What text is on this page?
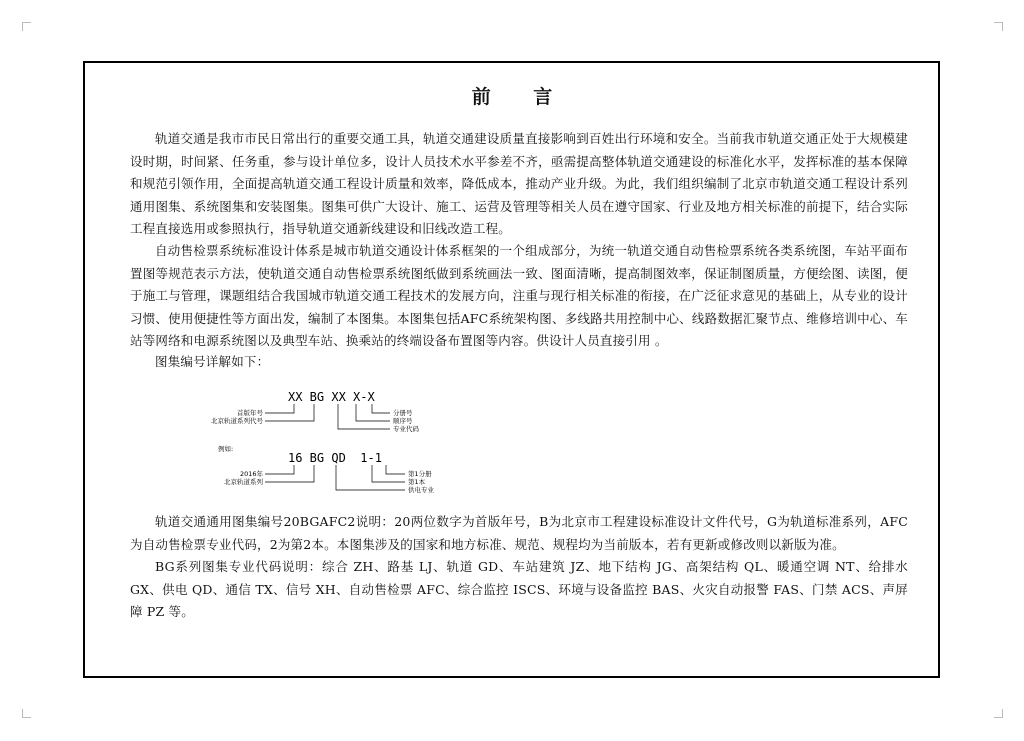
前 言

轨道交通是我市市民日常出行的重要交通工具，轨道交通建设质量直接影响到百姓出行环境和安全。当前我市轨道交通正处于大规模建设时期，时间紧、任务重，参与设计单位多，设计人员技术水平参差不齐，亟需提高整体轨道交通建设的标准化水平，发挥标准的基本保障和规范引领作用，全面提高轨道交通工程设计质量和效率，降低成本，推动产业升级。为此，我们组织编制了北京市轨道交通工程设计系列通用图集、系统图集和安装图集。图集可供广大设计、施工、运营及管理等相关人员在遵守国家、行业及地方相关标准的前提下，结合实际工程直接选用或参照执行，指导轨道交通新线建设和旧线改造工程。

自动售检票系统标准设计体系是城市轨道交通设计体系框架的一个组成部分，为统一轨道交通自动售检票系统各类系统图，车站平面布置图等规范表示方法，使轨道交通自动售检票系统图纸做到系统画法一致、图面清晰，提高制图效率，保证制图质量，方便绘图、读图，便于施工与管理，课题组结合我国城市轨道交通工程技术的发展方向，注重与现行相关标准的衔接，在广泛征求意见的基础上，从专业的设计习惯、使用便捷性等方面出发，编制了本图集。本图集包括AFC系统架构图、多线路共用控制中心、线路数据汇聚节点、维修培训中心、车站等网络和电源系统图以及典型车站、换乘站的终端设备布置图等内容。供设计人员直接引用 。

图集编号详解如下：

XX BG XX X-X
首版年号
北京轨道系列代号
分册号
顺序号
专业代码
例如:
16 BG QD  1-1
2016年
北京轨道系列
第1分册
第1本
供电专业

轨道交通通用图集编号20BGAFC2说明：20两位数字为首版年号，B为北京市工程建设标准设计文件代号，G为轨道标准系列，AFC为自动售检票专业代码，2为第2本。本图集涉及的国家和地方标准、规范、规程均为当前版本，若有更新或修改则以新版为准。

BG系列图集专业代码说明：综合 ZH、路基 LJ、轨道 GD、车站建筑 JZ、地下结构 JG、高架结构 QL、暖通空调 NT、给排水 GX、供电 QD、通信 TX、信号 XH、自动售检票 AFC、综合监控 ISCS、环境与设备监控 BAS、火灾自动报警 FAS、门禁 ACS、声屏障 PZ 等。
